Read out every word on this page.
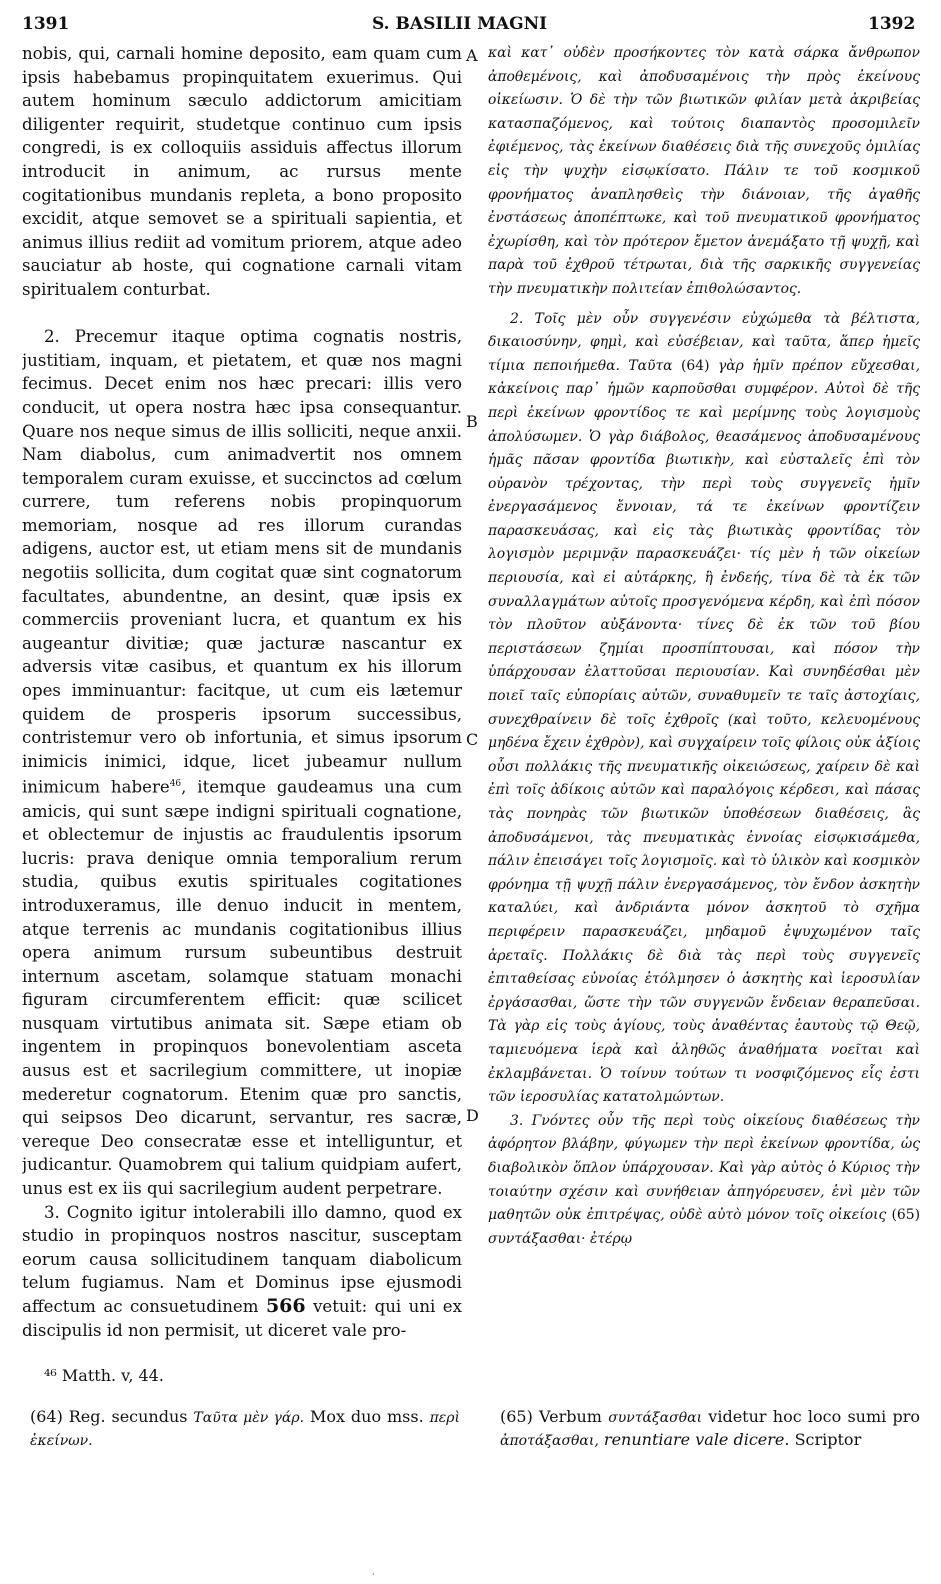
1391	S. BASILII MAGNI	1392

nobis, qui, carnali homine deposito, eam quam cum ipsis habebamus propinquitatem exuerimus. Qui autem hominum sæculo addictorum amicitiam diligenter requirit, studetque continuo cum ipsis congredi, is ex colloquiis assiduis affectus illorum introducit in animum, ac rursus mente cogitationibus mundanis repleta, a bono proposito excidit, atque semovet se a spirituali sapientia, et animus illius rediit ad vomitum priorem, atque adeo sauciatur ab hoste, qui cognatione carnali vitam spiritualem conturbat.

2. Precemur itaque optima cognatis nostris, justitiam, inquam, et pietatem, et quæ nos magni fecimus. Decet enim nos hæc precari: illis vero conducit, ut opera nostra hæc ipsa consequantur. Quare nos neque simus de illis solliciti, neque anxii. Nam diabolus, cum animadvertit nos omnem temporalem curam exuisse, et succinctos ad cœlum currere, tum referens nobis propinquorum memoriam, nosque ad res illorum curandas adigens, auctor est, ut etiam mens sit de mundanis negotiis sollicita, dum cogitat quæ sint cognatorum facultates, abundentne, an desint, quæ ipsis ex commerciis proveniant lucra, et quantum ex his augeantur divitiæ; quæ jacturæ nascantur ex adversis vitæ casibus, et quantum ex his illorum opes imminuantur: facitque, ut cum eis lætemur quidem de prosperis ipsorum successibus, contristemur vero ob infortunia, et simus ipsorum inimicis inimici, idque, licet jubeamur nullum inimicum habere$^{46}$, itemque gaudeamus una cum amicis, qui sunt sæpe indigni spirituali cognatione, et oblectemur de injustis ac fraudulentis ipsorum lucris: prava denique omnia temporalium rerum studia, quibus exutis spirituales cogitationes introduxeramus, ille denuo inducit in mentem, atque terrenis ac mundanis cogitationibus illius opera animum rursum subeuntibus destruit internum ascetam, solamque statuam monachi figuram circumferentem efficit: quæ scilicet nusquam virtutibus animata sit. Sæpe etiam ob ingentem in propinquos bonevolentiam asceta ausus est et sacrilegium committere, ut inopiæ mederetur cognatorum. Etenim quæ pro sanctis, qui seipsos Deo dicarunt, servantur, res sacræ, vereque Deo consecratæ esse et intelliguntur, et judicantur. Quamobrem qui talium quidpiam aufert, unus est ex iis qui sacrilegium audent perpetrare.

3. Cognito igitur intolerabili illo damno, quod ex studio in propinquos nostros nascitur, susceptam eorum causa sollicitudinem tanquam diabolicum telum fugiamus. Nam et Dominus ipse ejusmodi affectum ac consuetudinem 566 vetuit: qui uni ex discipulis id non permisit, ut diceret vale pro-

A
B
C
D

καὶ κατ᾿ οὐδὲν προσήκοντες τὸν κατὰ σάρκα ἄνθρωπον ἀποθεμένοις, καὶ ἀποδυσαμένοις τὴν πρὸς ἐκείνους οἰκείωσιν. Ὁ δὲ τὴν τῶν βιωτικῶν φιλίαν μετὰ ἀκριβείας κατασπαζόμενος, καὶ τούτοις διαπαντὸς προσομιλεῖν ἐφιέμενος, τὰς ἐκείνων διαθέσεις διὰ τῆς συνεχοῦς ὁμιλίας εἰς τὴν ψυχὴν εἰσῳκίσατο. Πάλιν τε τοῦ κοσμικοῦ φρονήματος ἀναπλησθεὶς τὴν διάνοιαν, τῆς ἀγαθῆς ἐνστάσεως ἀποπέπτωκε, καὶ τοῦ πνευματικοῦ φρονήματος ἐχωρίσθη, καὶ τὸν πρότερον ἔμετον ἀνεμάξατο τῇ ψυχῇ, καὶ παρὰ τοῦ ἐχθροῦ τέτρωται, διὰ τῆς σαρκικῆς συγγενείας τὴν πνευματικὴν πολιτείαν ἐπιθολώσαντος.

2. Τοῖς μὲν οὖν συγγενέσιν εὐχώμεθα τὰ βέλτιστα, δικαιοσύνην, φημὶ, καὶ εὐσέβειαν, καὶ ταῦτα, ἅπερ ἡμεῖς τίμια πεποιήμεθα. Ταῦτα (64) γὰρ ἡμῖν πρέπον εὔχεσθαι, κἀκείνοις παρ᾿ ἡμῶν καρποῦσθαι συμφέρον. Αὐτοὶ δὲ τῆς περὶ ἐκείνων φροντίδος τε καὶ μερίμνης τοὺς λογισμοὺς ἀπολύσωμεν. Ὁ γὰρ διάβολος, θεασάμενος ἀποδυσαμένους ἡμᾶς πᾶσαν φροντίδα βιωτικὴν, καὶ εὐσταλεῖς ἐπὶ τὸν οὐρανὸν τρέχοντας, τὴν περὶ τοὺς συγγενεῖς ἡμῖν ἐνεργασάμενος ἔννοιαν, τά τε ἐκείνων φροντίζειν παρασκευάσας, καὶ εἰς τὰς βιωτικὰς φροντίδας τὸν λογισμὸν μεριμνᾷν παρασκευάζει· τίς μὲν ἡ τῶν οἰκείων περιουσία, καὶ εἰ αὐτάρκης, ἢ ἐνδεής, τίνα δὲ τὰ ἐκ τῶν συναλλαγμάτων αὐτοῖς προσγενόμενα κέρδη, καὶ ἐπὶ πόσον τὸν πλοῦτον αὐξάνοντα· τίνες δὲ ἐκ τῶν τοῦ βίου περιστάσεων ζημίαι προσπίπτουσαι, καὶ πόσον τὴν ὑπάρχουσαν ἐλαττοῦσαι περιουσίαν. Καὶ συνηδέσθαι μὲν ποιεῖ ταῖς εὐπορίαις αὐτῶν, συναθυμεῖν τε ταῖς ἀστοχίαις, συνεχθραίνειν δὲ τοῖς ἐχθροῖς (καὶ τοῦτο, κελευομένους μηδένα ἔχειν ἐχθρὸν), καὶ συγχαίρειν τοῖς φίλοις οὐκ ἀξίοις οὖσι πολλάκις τῆς πνευματικῆς οἰκειώσεως, χαίρειν δὲ καὶ ἐπὶ τοῖς ἀδίκοις αὐτῶν καὶ παραλόγοις κέρδεσι, καὶ πάσας τὰς πονηρὰς τῶν βιωτικῶν ὑποθέσεων διαθέσεις, ἃς ἀποδυσάμενοι, τὰς πνευματικὰς ἐννοίας εἰσῳκισάμεθα, πάλιν ἐπεισάγει τοῖς λογισμοῖς. καὶ τὸ ὑλικὸν καὶ κοσμικὸν φρόνημα τῇ ψυχῇ πάλιν ἐνεργασάμενος, τὸν ἔνδον ἀσκητὴν καταλύει, καὶ ἀνδριάντα μόνον ἀσκητοῦ τὸ σχῆμα περιφέρειν παρασκευάζει, μηδαμοῦ ἐψυχωμένον ταῖς ἀρεταῖς. Πολλάκις δὲ διὰ τὰς περὶ τοὺς συγγενεῖς ἐπιταθείσας εὐνοίας ἐτόλμησεν ὁ ἀσκητὴς καὶ ἱεροσυλίαν ἐργάσασθαι, ὥστε τὴν τῶν συγγενῶν ἔνδειαν θεραπεῦσαι. Τὰ γὰρ εἰς τοὺς ἁγίους, τοὺς ἀναθέντας ἑαυτοὺς τῷ Θεῷ, ταμιευόμενα ἱερὰ καὶ ἀληθῶς ἀναθήματα νοεῖται καὶ ἐκλαμβάνεται. Ὁ τοίνυν τούτων τι νοσφιζόμενος εἷς ἐστι τῶν ἱεροσυλίας κατατολμώντων.

3. Γνόντες οὖν τῆς περὶ τοὺς οἰκείους διαθέσεως τὴν ἀφόρητον βλάβην, φύγωμεν τὴν περὶ ἐκείνων φροντίδα, ὡς διαβολικὸν ὅπλον ὑπάρχουσαν. Καὶ γὰρ αὐτὸς ὁ Κύριος τὴν τοιαύτην σχέσιν καὶ συνήθειαν ἀπηγόρευσεν, ἑνὶ μὲν τῶν μαθητῶν οὐκ ἐπιτρέψας, οὐδὲ αὐτὸ μόνον τοῖς οἰκείοις (65) συντάξασθαι· ἑτέρῳ

⁴⁶ Matth. v, 44.
(64) Reg. secundus Ταῦτα μὲν γάρ. Mox duo mss. περὶ ἐκείνων.
(65) Verbum συντάξασθαι videtur hoc loco sumi pro ἀποτάξασθαι, renuntiare vale dicere. Scriptor
·
